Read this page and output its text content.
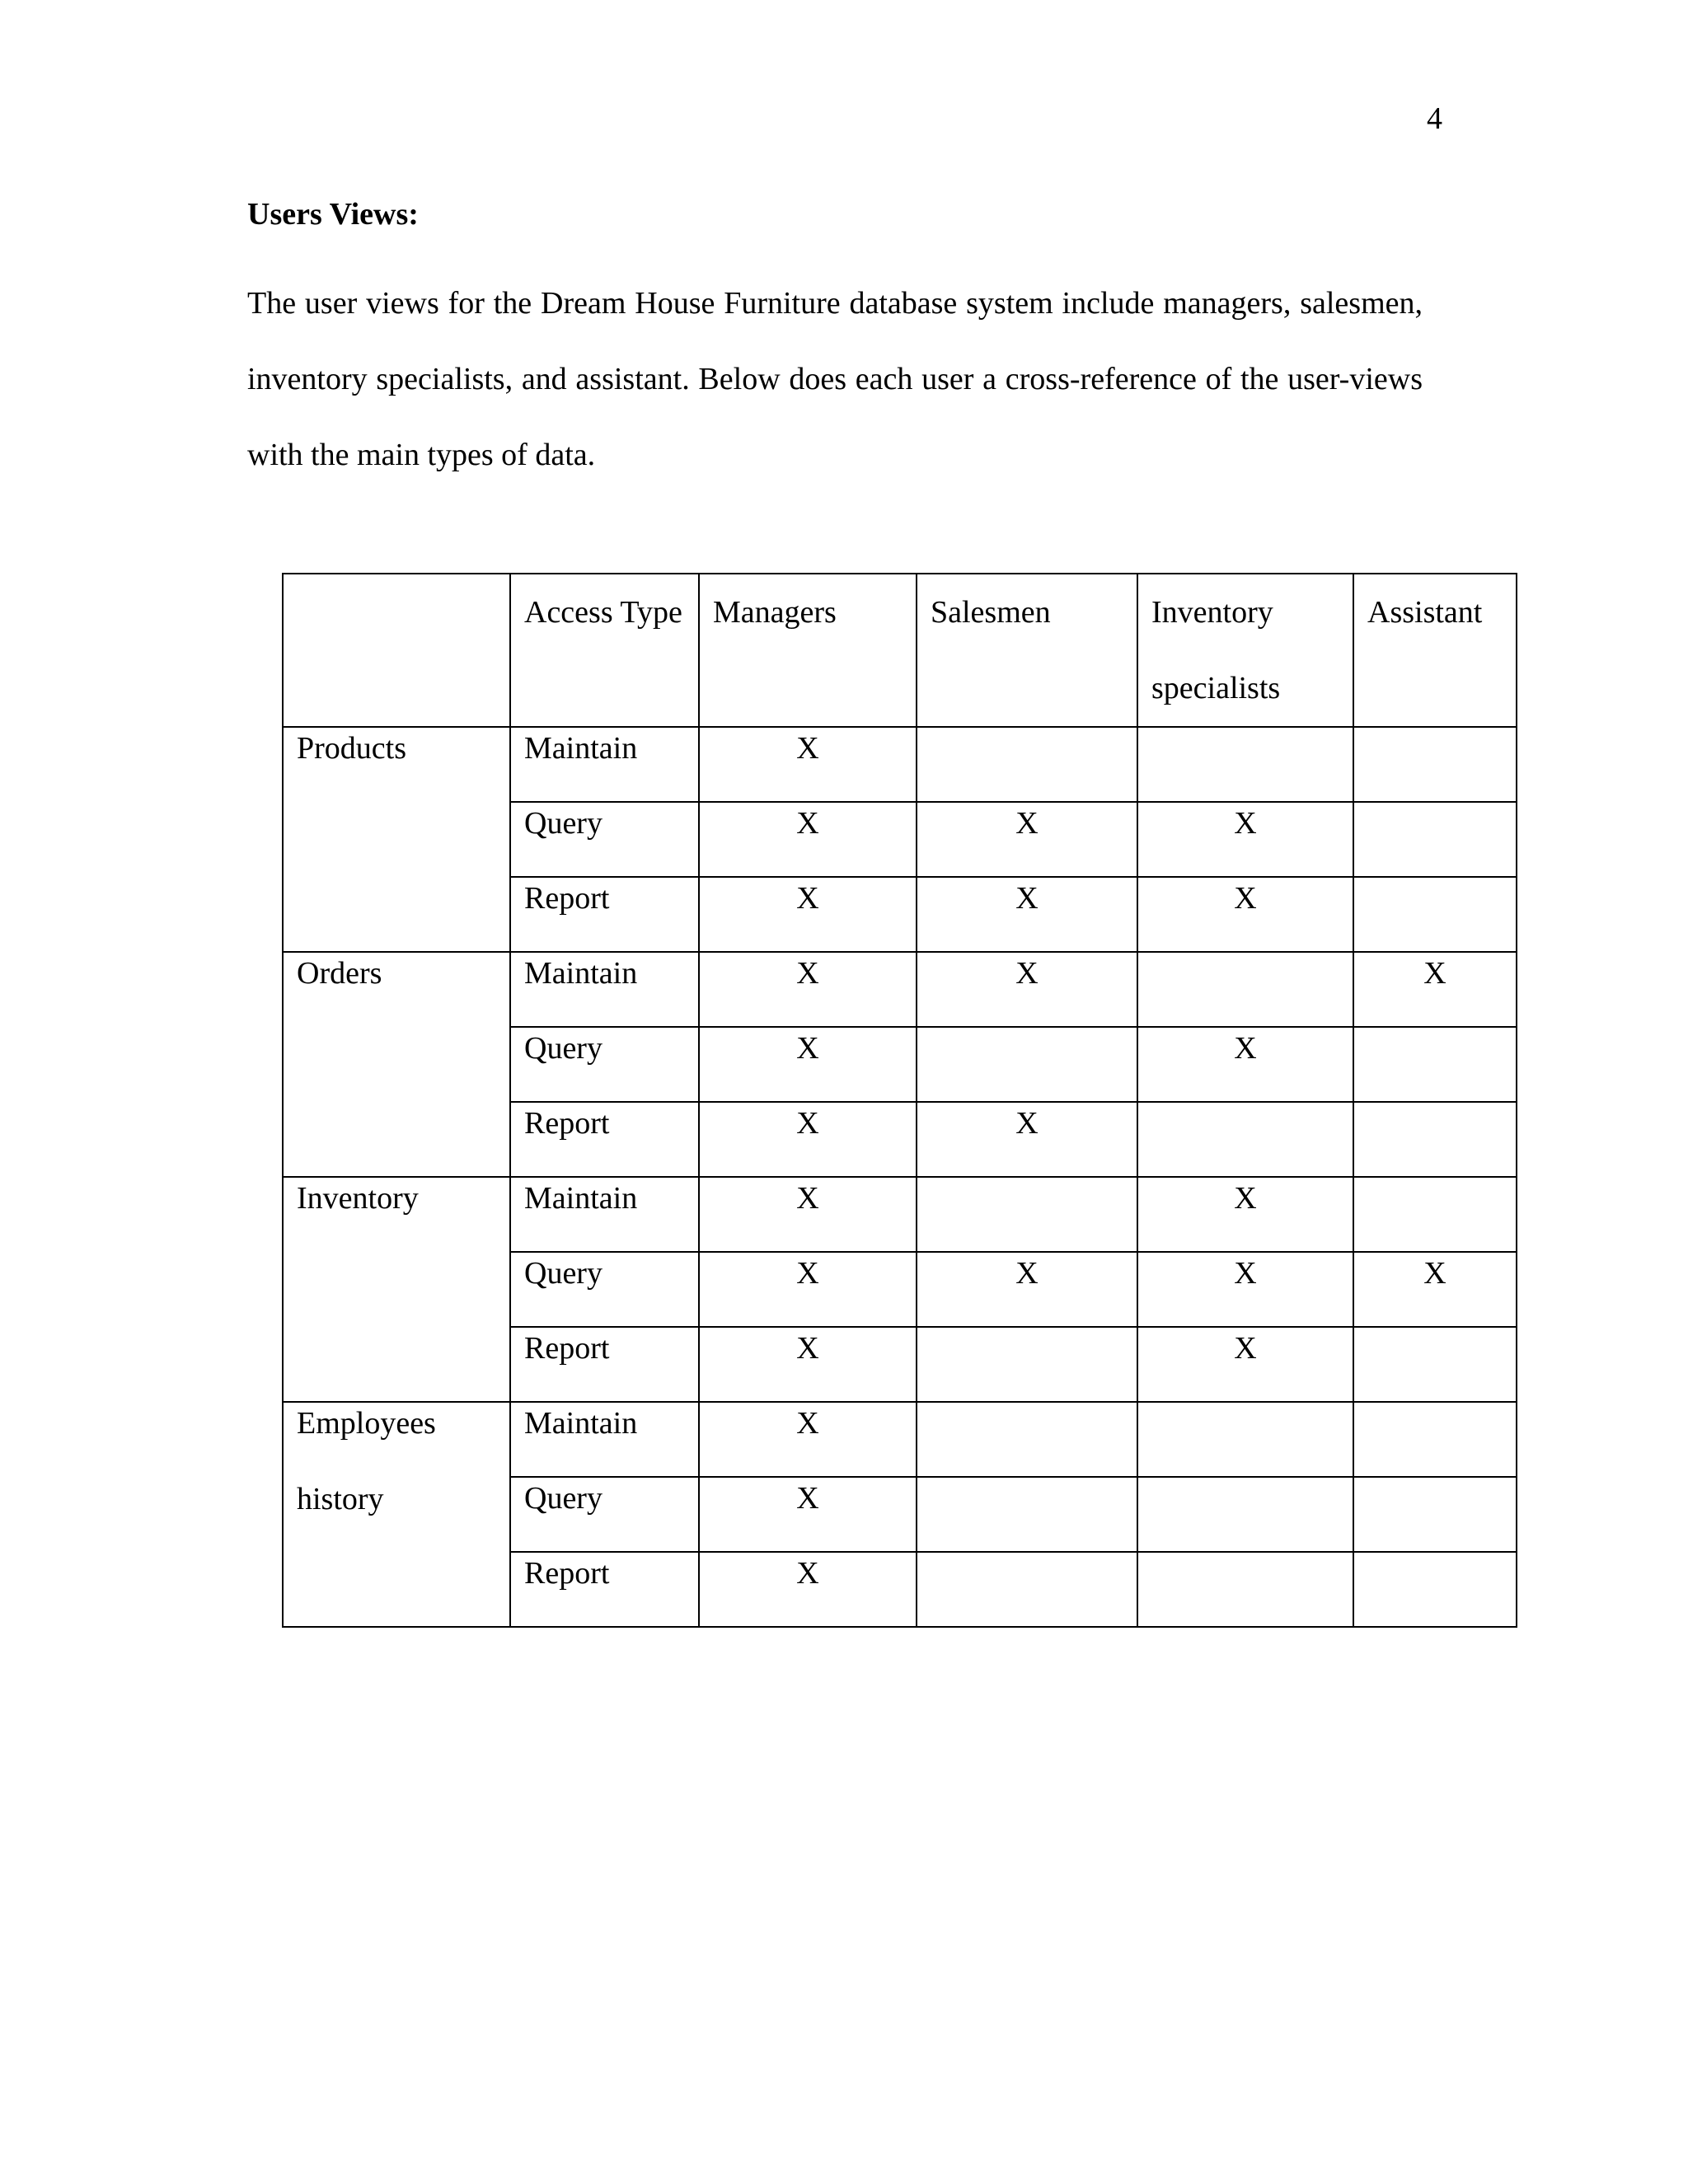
4
Users Views:

The user views for the Dream House Furniture database system include managers, salesmen, inventory specialists, and assistant. Below does each user a cross-reference of the user-views with the main types of data.

	Access Type	Managers	Salesmen	Inventory specialists	Assistant

Products	Maintain	X			
	Query	X	X	X	
	Report	X	X	X	

Orders	Maintain	X	X		X
	Query	X		X	
	Report	X	X		

Inventory	Maintain	X		X	
	Query	X	X	X	X
	Report	X		X	

Employees history	Maintain	X			
	Query	X			
	Report	X			
